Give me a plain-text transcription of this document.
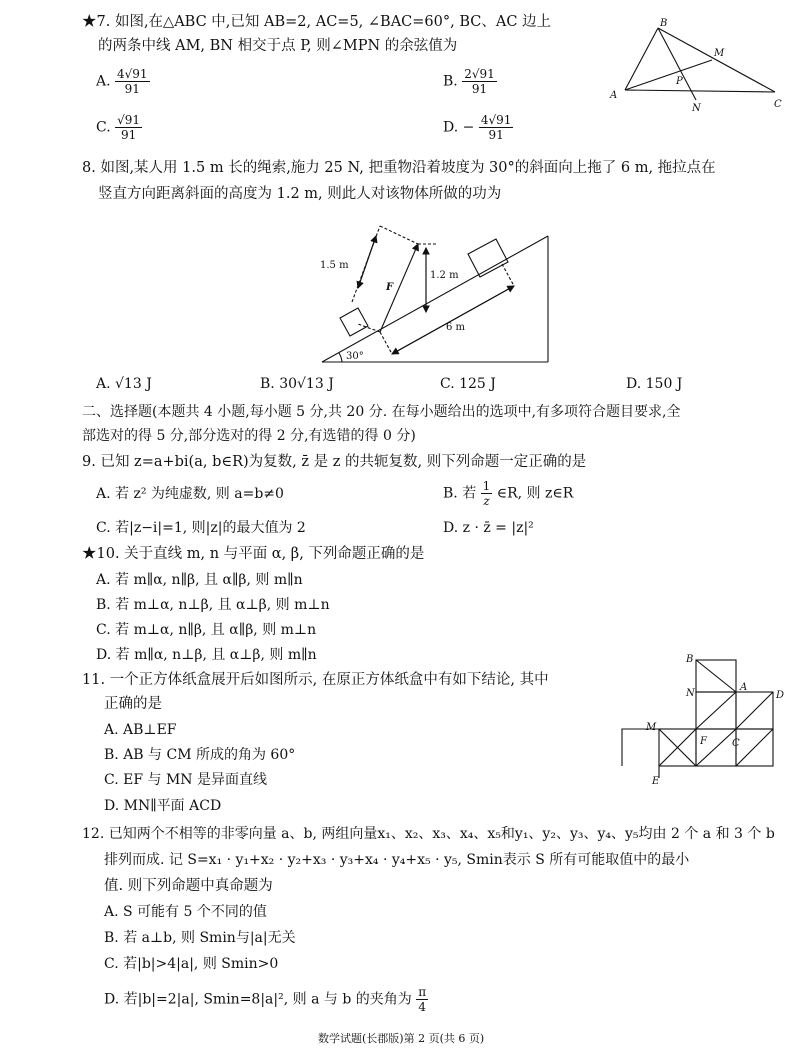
★7. 如图,在△ABC 中,已知 AB=2, AC=5, ∠BAC=60°, BC、AC 边上
的两条中线 AM, BN 相交于点 P, 则∠MPN 的余弦值为
A. $\frac{4√91}{91}$	B. $\frac{2√91}{91}$
C. $\frac{√91}{91}$	D. − $\frac{4√91}{91}$
B
M
P
A
N	C
8. 如图,某人用 1.5 m 长的绳索,施力 25 N, 把重物沿着坡度为 30°的斜面向上拖了 6 m, 拖拉点在
竖直方向距离斜面的高度为 1.2 m, 则此人对该物体所做的功为
1.5 m
1.2 m
F
6 m
30°
A. √13 J	B. 30√13 J	C. 125 J	D. 150 J
二、选择题(本题共 4 小题,每小题 5 分,共 20 分. 在每小题给出的选项中,有多项符合题目要求,全
部选对的得 5 分,部分选对的得 2 分,有选错的得 0 分)
9. 已知 z=a+bi(a, b∈R)为复数, z̄ 是 z 的共轭复数, 则下列命题一定正确的是
A. 若 z² 为纯虚数, 则 a=b≠0	B. 若 $\frac{1}{z}$ ∈R, 则 z∈R
C. 若|z−i|=1, 则|z|的最大值为 2	D. z · z̄ = |z|²
★10. 关于直线 m, n 与平面 α, β, 下列命题正确的是
A. 若 m∥α, n∥β, 且 α∥β, 则 m∥n
B. 若 m⊥α, n⊥β, 且 α⊥β, 则 m⊥n
C. 若 m⊥α, n∥β, 且 α∥β, 则 m⊥n
D. 若 m∥α, n⊥β, 且 α⊥β, 则 m∥n
11. 一个正方体纸盒展开后如图所示, 在原正方体纸盒中有如下结论, 其中
正确的是
A. AB⊥EF
B. AB 与 CM 所成的角为 60°
C. EF 与 MN 是异面直线
D. MN∥平面 ACD
B
N
A
D
M
F	C
E
12. 已知两个不相等的非零向量 a、b, 两组向量x₁、x₂、x₃、x₄、x₅和y₁、y₂、y₃、y₄、y₅均由 2 个 a 和 3 个 b
排列而成. 记 S=x₁ · y₁+x₂ · y₂+x₃ · y₃+x₄ · y₄+x₅ · y₅, Smin表示 S 所有可能取值中的最小
值. 则下列命题中真命题为
A. S 可能有 5 个不同的值
B. 若 a⊥b, 则 Smin与|a|无关
C. 若|b|>4|a|, 则 Smin>0
D. 若|b|=2|a|, Smin=8|a|², 则 a 与 b 的夹角为 $\frac{\pi}{4}$
数学试题(长郡版)第 2 页(共 6 页)
